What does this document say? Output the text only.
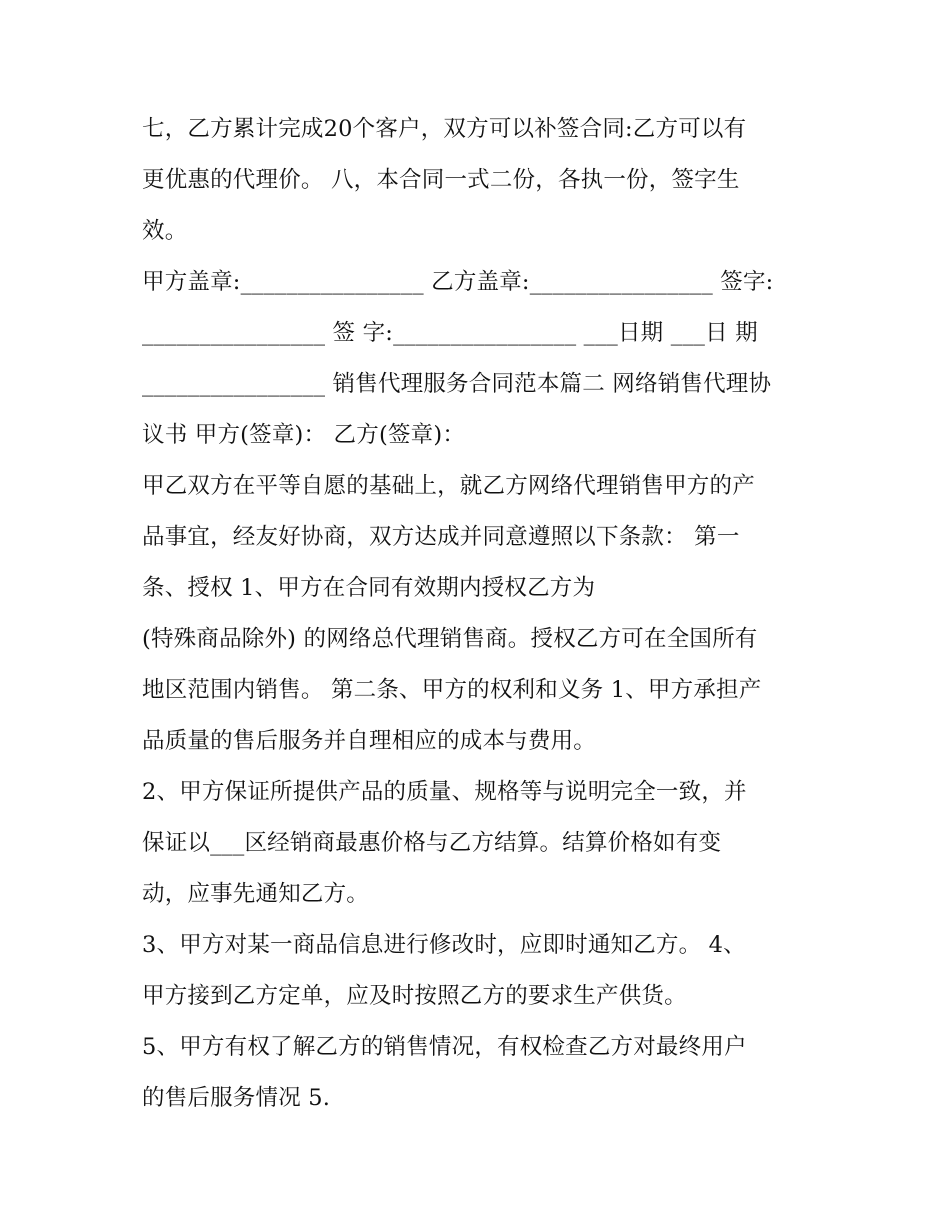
七，乙方累计完成20个客户，双方可以补签合同:乙方可以有
更优惠的代理价。 八，本合同一式二份，各执一份，签字生
效。
甲方盖章:________________ 乙方盖章:________________ 签字:
________________ 签 字:________________ ___日期 ___日 期
________________ 销售代理服务合同范本篇二 网络销售代理协
议书 甲方(签章)： 乙方(签章)：
甲乙双方在平等自愿的基础上，就乙方网络代理销售甲方的产
品事宜，经友好协商，双方达成并同意遵照以下条款： 第一
条、授权 1、甲方在合同有效期内授权乙方为
(特殊商品除外) 的网络总代理销售商。授权乙方可在全国所有
地区范围内销售。 第二条、甲方的权利和义务 1、甲方承担产
品质量的售后服务并自理相应的成本与费用。
2、甲方保证所提供产品的质量、规格等与说明完全一致，并
保证以___区经销商最惠价格与乙方结算。结算价格如有变
动，应事先通知乙方。
3、甲方对某一商品信息进行修改时，应即时通知乙方。 4、
甲方接到乙方定单，应及时按照乙方的要求生产供货。
5、甲方有权了解乙方的销售情况，有权检查乙方对最终用户
的售后服务情况 5.
